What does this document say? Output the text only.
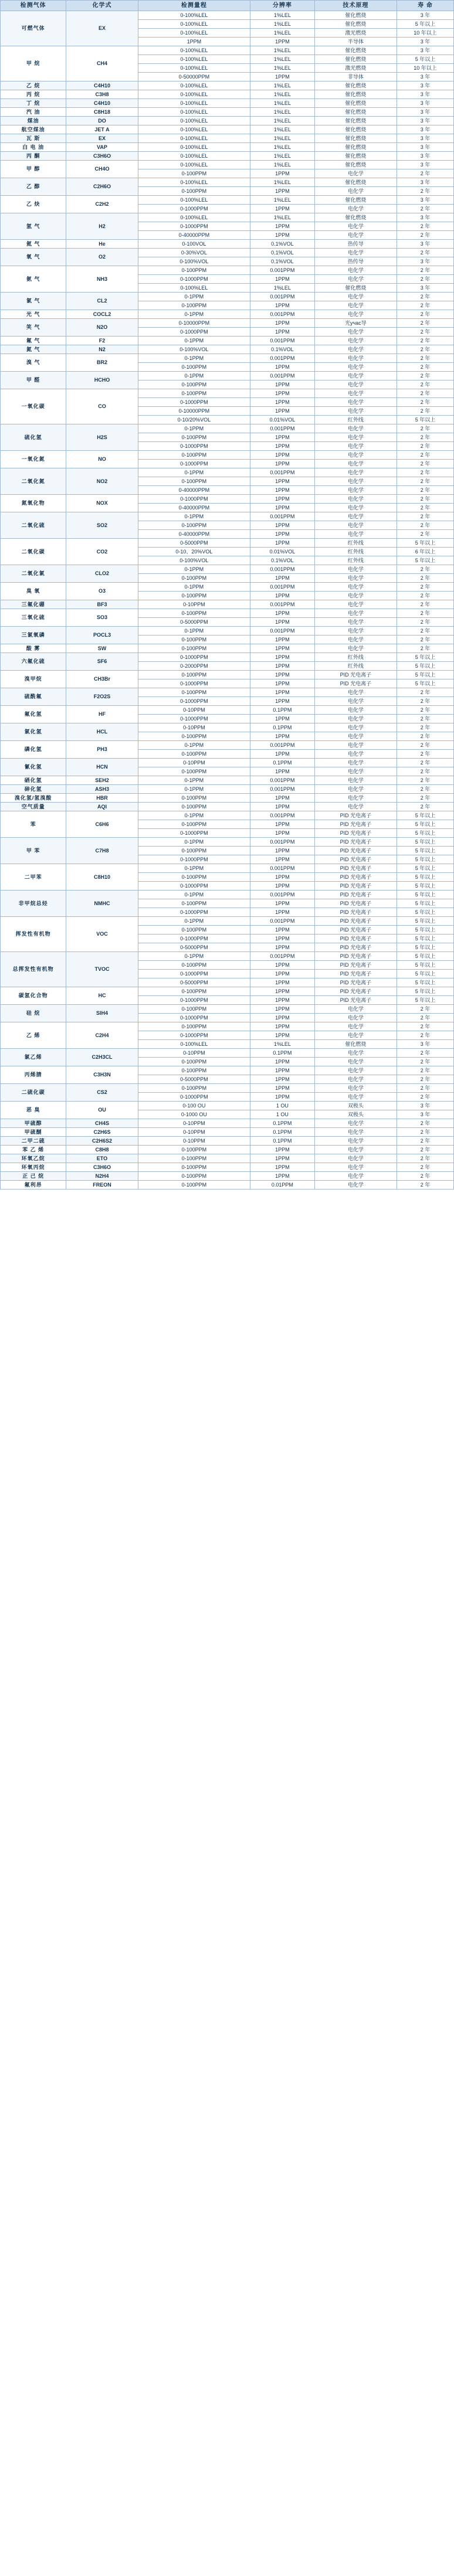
检测气体	化学式	检测量程	分辨率	技术原理	寿 命
可燃气体	EX	0-100%LEL	1%LEL	催化燃烧	3 年
		0-100%LEL	1%LEL	催化燃烧	5 年以上
		0-100%LEL	1%LEL	激光燃烧	10 年以上
		1PPM	1PPM	半导体	3 年
甲 烷	CH4	0-100%LEL	1%LEL	催化燃烧	3 年
		0-100%LEL	1%LEL	催化燃烧	5 年以上
		0-100%LEL	1%LEL	激光燃烧	10 年以上
		0-50000PPM	1PPM	非导体	3 年
乙 烷	C4H10	0-100%LEL	1%LEL	催化燃烧	3 年
丙 烷	C3H8	0-100%LEL	1%LEL	催化燃烧	3 年
丁 烷	C4H10	0-100%LEL	1%LEL	催化燃烧	3 年
汽 油	C8H18	0-100%LEL	1%LEL	催化燃烧	3 年
煤油	DO	0-100%LEL	1%LEL	催化燃烧	3 年
航空煤油	JET A	0-100%LEL	1%LEL	催化燃烧	3 年
瓦 斯	EX	0-100%LEL	1%LEL	催化燃烧	3 年
白 电 油	VAP	0-100%LEL	1%LEL	催化燃烧	3 年
丙 酮	C3H6O	0-100%LEL	1%LEL	催化燃烧	3 年
甲 醇	CH4O	0-100%LEL	1%LEL	催化燃烧	3 年
		0-100PPM	1PPM	电化学	2 年
乙 醇	C2H6O	0-100%LEL	1%LEL	催化燃烧	3 年
		0-100PPM	1PPM	电化学	2 年
乙 炔	C2H2	0-100%LEL	1%LEL	催化燃烧	3 年
		0-1000PPM	1PPM	电化学	2 年
氢 气	H2	0-100%LEL	1%LEL	催化燃烧	3 年
		0-1000PPM	1PPM	电化学	2 年
		0-40000PPM	1PPM	电化学	2 年
氦 气	He	0-100VOL	0.1%VOL	热传导	3 年
氧 气	O2	0-30%VOL	0.1%VOL	电化学	2 年
		0-100%VOL	0.1%VOL	热传导	3 年
氨 气	NH3	0-100PPM	0.001PPM	电化学	2 年
		0-1000PPM	1PPM	电化学	2 年
		0-100%LEL	1%LEL	催化燃烧	3 年
氯 气	CL2	0-1PPM	0.001PPM	电化学	2 年
		0-100PPM	1PPM	电化学	2 年
光 气	COCL2	0-1PPM	0.001PPM	电化学	2 年
笑 气	N2O	0-10000PPM	1PPM	光учас导	2 年
		0-1000PPM	1PPM	电化学	2 年
氟 气	F2	0-1PPM	0.001PPM	电化学	2 年
氮 气	N2	0-100%VOL	0.1%VOL	电化学	2 年
溴 气	BR2	0-1PPM	0.001PPM	电化学	2 年
		0-100PPM	1PPM	电化学	2 年
甲 醛	HCHO	0-1PPM	0.001PPM	电化学	2 年
		0-100PPM	1PPM	电化学	2 年
一氧化碳	CO	0-100PPM	1PPM	电化学	2 年
		0-1000PPM	1PPM	电化学	2 年
		0-10000PPM	1PPM	电化学	2 年
		0-10/20%VOL	0.01%VOL	红外线	5 年以上
硫化氢	H2S	0-1PPM	0.001PPM	电化学	2 年
		0-100PPM	1PPM	电化学	2 年
		0-1000PPM	1PPM	电化学	2 年
一氧化氮	NO	0-100PPM	1PPM	电化学	2 年
		0-1000PPM	1PPM	电化学	2 年
二氧化氮	NO2	0-1PPM	0.001PPM	电化学	2 年
		0-100PPM	1PPM	电化学	2 年
		0-40000PPM	1PPM	电化学	2 年
氮氧化物	NOX	0-1000PPM	1PPM	电化学	2 年
		0-40000PPM	1PPM	电化学	2 年
二氧化硫	SO2	0-1PPM	0.001PPM	电化学	2 年
		0-100PPM	1PPM	电化学	2 年
		0-40000PPM	1PPM	电化学	2 年
二氧化碳	CO2	0-5000PPM	1PPM	红外线	5 年以上
		0-10、20%VOL	0.01%VOL	红外线	6 年以上
		0-100%VOL	0.1%VOL	红外线	5 年以上
二氧化氯	CLO2	0-1PPM	0.001PPM	电化学	2 年
		0-100PPM	1PPM	电化学	2 年
臭 氧	O3	0-1PPM	0.001PPM	电化学	2 年
		0-100PPM	1PPM	电化学	2 年
三氟化硼	BF3	0-10PPM	0.001PPM	电化学	2 年
三氧化硫	SO3	0-100PPM	1PPM	电化学	2 年
		0-5000PPM	1PPM	电化学	2 年
三氯氧磷	POCL3	0-1PPM	0.001PPM	电化学	2 年
		0-100PPM	1PPM	电化学	2 年
酸 雾	SW	0-100PPM	1PPM	电化学	2 年
六氟化硫	SF6	0-1000PPM	1PPM	红外线	5 年以上
		0-2000PPM	1PPM	红外线	5 年以上
溴甲烷	CH3Br	0-100PPM	1PPM	PID 光电离子	5 年以上
		0-1000PPM	1PPM	PID 光电离子	5 年以上
硫酰氟	F2O2S	0-100PPM	1PPM	电化学	2 年
		0-1000PPM	1PPM	电化学	2 年
氟化氢	HF	0-10PPM	0.1PPM	电化学	2 年
		0-1000PPM	1PPM	电化学	2 年
氯化氢	HCL	0-10PPM	0.1PPM	电化学	2 年
		0-100PPM	1PPM	电化学	2 年
磷化氢	PH3	0-1PPM	0.001PPM	电化学	2 年
		0-100PPM	1PPM	电化学	2 年
氰化氢	HCN	0-10PPM	0.1PPM	电化学	2 年
		0-100PPM	1PPM	电化学	2 年
硒化氢	SEH2	0-1PPM	0.001PPM	电化学	2 年
砷化氢	ASH3	0-1PPM	0.001PPM	电化学	2 年
溴化氢/氢溴酸	HBR	0-100PPM	1PPM	电化学	2 年
空气质量	AQI	0-100PPM	1PPM	电化学	2 年
苯	C6H6	0-1PPM	0.001PPM	PID 光电离子	5 年以上
		0-100PPM	1PPM	PID 光电离子	5 年以上
		0-1000PPM	1PPM	PID 光电离子	5 年以上
甲 苯	C7H8	0-1PPM	0.001PPM	PID 光电离子	5 年以上
		0-100PPM	1PPM	PID 光电离子	5 年以上
		0-1000PPM	1PPM	PID 光电离子	5 年以上
二甲苯	C8H10	0-1PPM	0.001PPM	PID 光电离子	5 年以上
		0-100PPM	1PPM	PID 光电离子	5 年以上
		0-1000PPM	1PPM	PID 光电离子	5 年以上
非甲烷总烃	NMHC	0-1PPM	0.001PPM	PID 光电离子	5 年以上
		0-100PPM	1PPM	PID 光电离子	5 年以上
		0-1000PPM	1PPM	PID 光电离子	5 年以上
挥发性有机物	VOC	0-1PPM	0.001PPM	PID 光电离子	5 年以上
		0-100PPM	1PPM	PID 光电离子	5 年以上
		0-1000PPM	1PPM	PID 光电离子	5 年以上
		0-5000PPM	1PPM	PID 光电离子	5 年以上
总挥发性有机物	TVOC	0-1PPM	0.001PPM	PID 光电离子	5 年以上
		0-100PPM	1PPM	PID 光电离子	5 年以上
		0-1000PPM	1PPM	PID 光电离子	5 年以上
		0-5000PPM	1PPM	PID 光电离子	5 年以上
碳氢化合物	HC	0-100PPM	1PPM	PID 光电离子	5 年以上
		0-1000PPM	1PPM	PID 光电离子	5 年以上
硅 烷	SIH4	0-100PPM	1PPM	电化学	2 年
		0-1000PPM	1PPM	电化学	2 年
乙 烯	C2H4	0-100PPM	1PPM	电化学	2 年
		0-1000PPM	1PPM	电化学	2 年
		0-100%LEL	1%LEL	催化燃烧	3 年
氯乙烯	C2H3CL	0-10PPM	0.1PPM	电化学	2 年
		0-100PPM	1PPM	电化学	2 年
丙烯腈	C3H3N	0-100PPM	1PPM	电化学	2 年
		0-5000PPM	1PPM	电化学	2 年
二硫化碳	CS2	0-100PPM	1PPM	电化学	2 年
		0-1000PPM	1PPM	电化学	2 年
恶 臭	OU	0-100 OU	1 OU	双极头	3 年
		0-1000 OU	1 OU	双极头	3 年
甲硫醇	CH4S	0-10PPM	0.1PPM	电化学	2 年
甲硫醚	C2H6S	0-10PPM	0.1PPM	电化学	2 年
二甲二硫	C2H6S2	0-10PPM	0.1PPM	电化学	2 年
苯 乙 烯	C8H8	0-100PPM	1PPM	电化学	2 年
环氧乙烷	ETO	0-100PPM	1PPM	电化学	2 年
环氧丙烷	C3H6O	0-100PPM	1PPM	电化学	2 年
正 己 烷	N2H4	0-100PPM	1PPM	电化学	2 年
氟利昂	FREON	0-100PPM	0.01PPM	电化学	2 年
